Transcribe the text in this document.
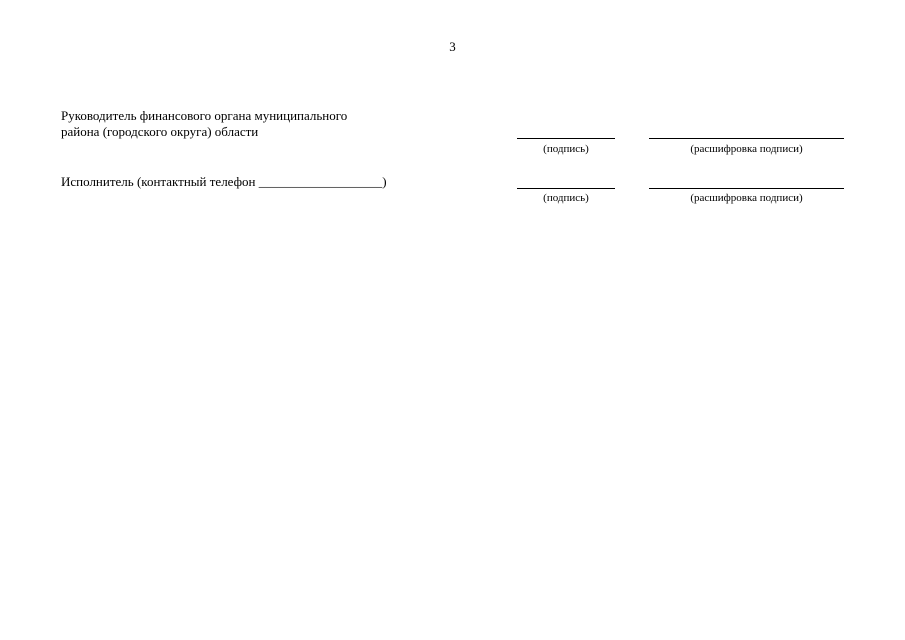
3
Руководитель финансового органа муниципального
района (городского округа) области
(подпись)	(расшифровка подписи)
Исполнитель (контактный телефон ___________________)
(подпись)	(расшифровка подписи)
